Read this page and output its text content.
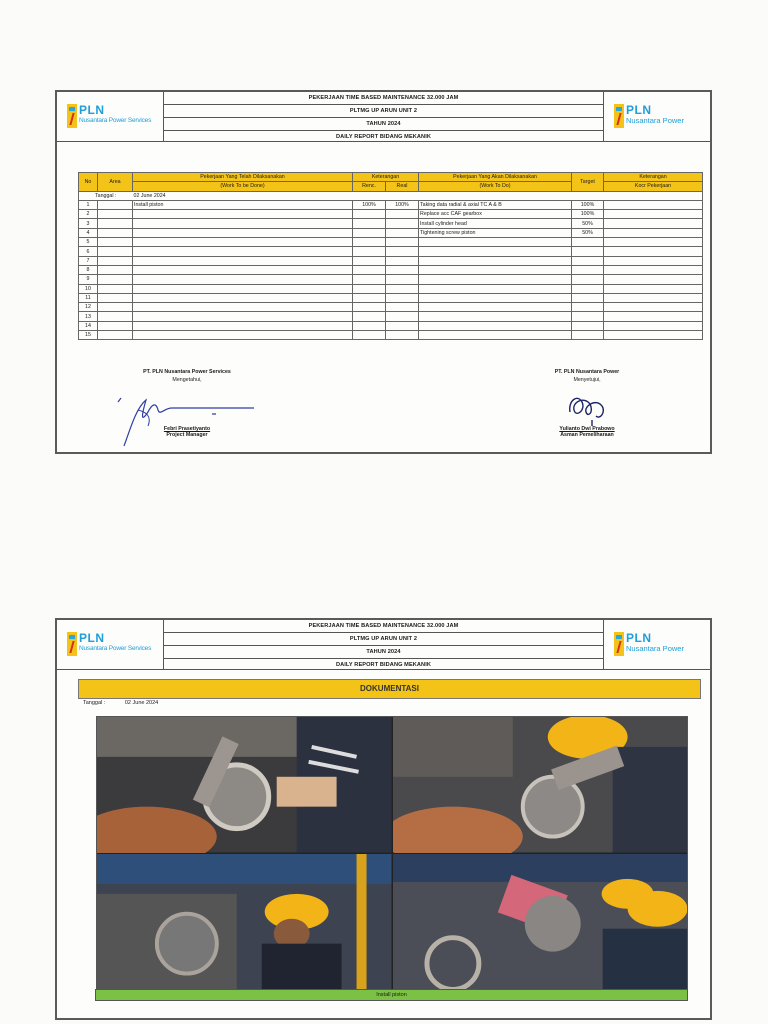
PLN
Nusantara Power Services
PEKERJAAN TIME BASED MAINTENANCE 32.000 JAM
PLTMG UP ARUN UNIT 2
TAHUN 2024
DAILY REPORT BIDANG MEKANIK
PLN
Nusantara Power
No	Area	Pekerjaan Yang Telah Dilaksanakan	Keterangan		Pekerjaan Yang Akan Dilaksanakan	Target	Keterangan
		(Work To be Done)	Renc.	Real	(Work To Do)		Kocr Pekerjaan
Tanggal :		02 June 2024					
1		Install piston	100%	100%	Taking data radial & axial TC A & B	100%	
2					Replace acc CAF gearbox	100%	
3					Install cylinder head	50%	
4					Tightening screw piston	50%	
5							
6							
7							
8							
9							
10							
11							
12							
13							
14							
15							
PT. PLN Nusantara Power Services
Mengetahui,
Febri Prasetiyanto
Project Manager
PT. PLN Nusantara Power
Menyetujui,
Yulianto Dwi Prabowo
Asman Pemeliharaan
PLN
Nusantara Power Services
PEKERJAAN TIME BASED MAINTENANCE 32.000 JAM
PLTMG UP ARUN UNIT 2
TAHUN 2024
DAILY REPORT BIDANG MEKANIK
PLN
Nusantara Power
DOKUMENTASI
Tanggal :	02 June 2024
Install piston
